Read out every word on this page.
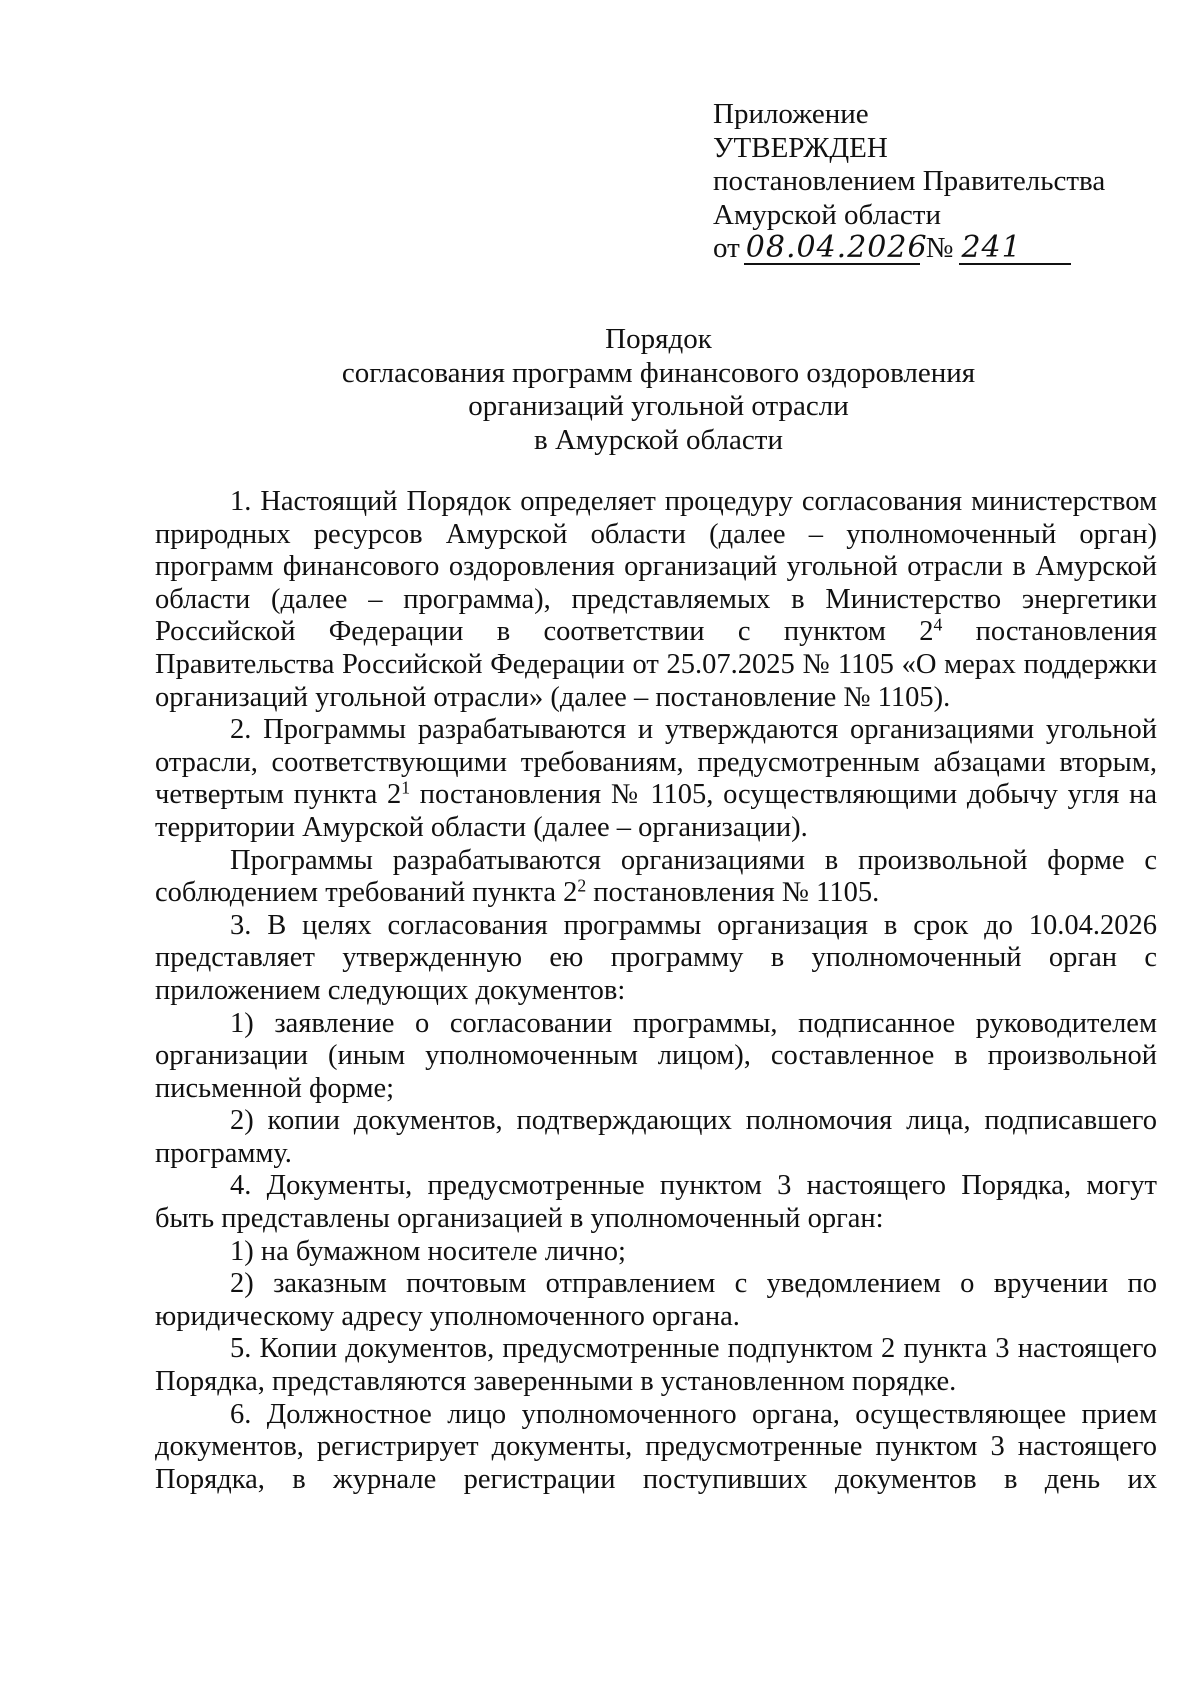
Приложение
УТВЕРЖДЕН
постановлением Правительства
Амурской области
от 08.04.2026№ 241
Порядок
согласования программ финансового оздоровления
организаций угольной отрасли
в Амурской области

1. Настоящий Порядок определяет процедуру согласования министерством природных ресурсов Амурской области (далее – уполномоченный орган) программ финансового оздоровления организаций угольной отрасли в Амурской области (далее – программа), представляемых в Министерство энергетики Российской Федерации в соответствии с пунктом $2^4$ постановления Правительства Российской Федерации от 25.07.2025 № 1105 «О мерах поддержки организаций угольной отрасли» (далее – постановление № 1105).

2. Программы разрабатываются и утверждаются организациями угольной отрасли, соответствующими требованиям, предусмотренным абзацами вторым, четвертым пункта $2^1$ постановления № 1105, осуществляющими добычу угля на территории Амурской области (далее – организации).

Программы разрабатываются организациями в произвольной форме с соблюдением требований пункта $2^2$ постановления № 1105.

3. В целях согласования программы организация в срок до 10.04.2026 представляет утвержденную ею программу в уполномоченный орган с приложением следующих документов:

1) заявление о согласовании программы, подписанное руководителем организации (иным уполномоченным лицом), составленное в произвольной письменной форме;

2) копии документов, подтверждающих полномочия лица, подписавшего программу.

4. Документы, предусмотренные пунктом 3 настоящего Порядка, могут быть представлены организацией в уполномоченный орган:

1) на бумажном носителе лично;

2) заказным почтовым отправлением с уведомлением о вручении по юридическому адресу уполномоченного органа.

5. Копии документов, предусмотренные подпунктом 2 пункта 3 настоящего Порядка, представляются заверенными в установленном порядке.

6. Должностное лицо уполномоченного органа, осуществляющее прием документов, регистрирует документы, предусмотренные пунктом 3 настоящего Порядка, в журнале регистрации поступивших документов в день их
